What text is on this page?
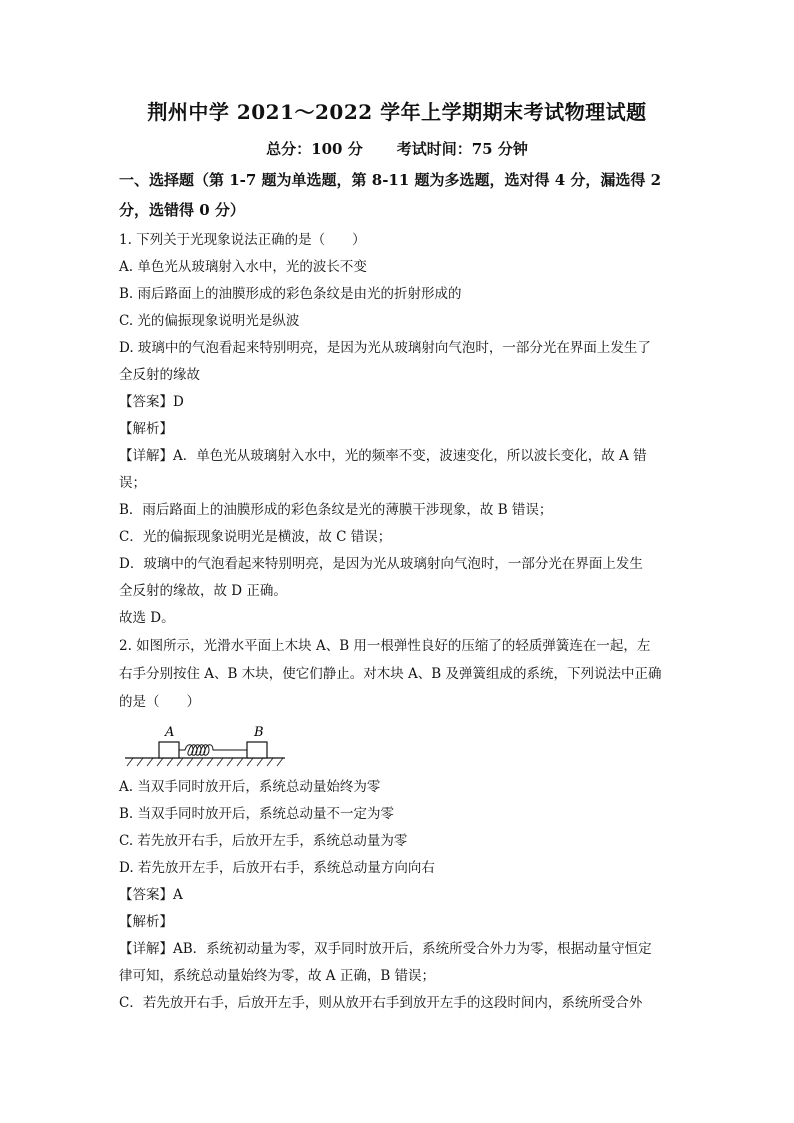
荆州中学 2021～2022 学年上学期期末考试物理试题
总分：100 分 考试时间：75 分钟
一、选择题（第 1-7 题为单选题，第 8-11 题为多选题，选对得 4 分，漏选得 2
分，选错得 0 分）
1. 下列关于光现象说法正确的是（　　）
A. 单色光从玻璃射入水中，光的波长不变
B. 雨后路面上的油膜形成的彩色条纹是由光的折射形成的
C. 光的偏振现象说明光是纵波
D. 玻璃中的气泡看起来特别明亮，是因为光从玻璃射向气泡时，一部分光在界面上发生了
全反射的缘故
【答案】D
【解析】
【详解】A．单色光从玻璃射入水中，光的频率不变，波速变化，所以波长变化，故 A 错
误；
B．雨后路面上的油膜形成的彩色条纹是光的薄膜干涉现象，故 B 错误；
C．光的偏振现象说明光是横波，故 C 错误；
D．玻璃中的气泡看起来特别明亮，是因为光从玻璃射向气泡时，一部分光在界面上发生
全反射的缘故，故 D 正确。
故选 D。
2. 如图所示，光滑水平面上木块 A、B 用一根弹性良好的压缩了的轻质弹簧连在一起，左
右手分别按住 A、B 木块，使它们静止。对木块 A、B 及弹簧组成的系统，下列说法中正确
的是（　　）
A	B
A. 当双手同时放开后，系统总动量始终为零
B. 当双手同时放开后，系统总动量不一定为零
C. 若先放开右手，后放开左手，系统总动量为零
D. 若先放开左手，后放开右手，系统总动量方向向右
【答案】A
【解析】
【详解】AB．系统初动量为零，双手同时放开后，系统所受合外力为零，根据动量守恒定
律可知，系统总动量始终为零，故 A 正确，B 错误；
C．若先放开右手，后放开左手，则从放开右手到放开左手的这段时间内，系统所受合外
